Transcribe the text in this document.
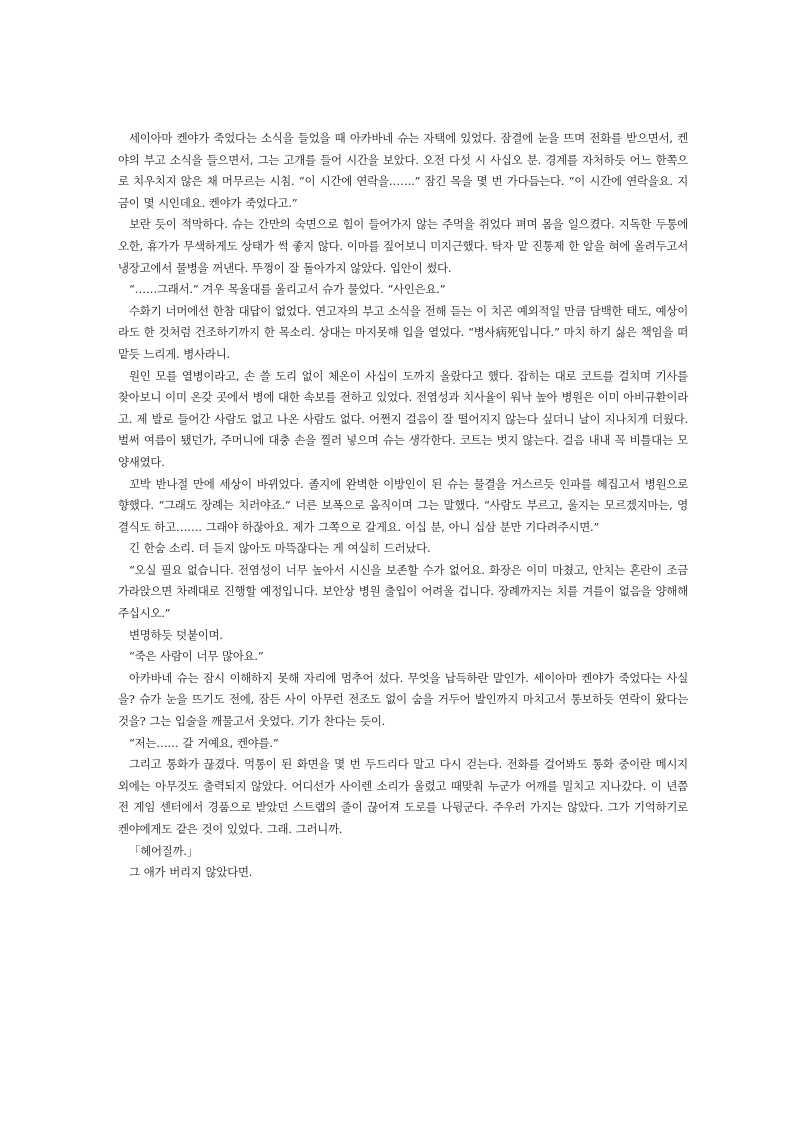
세이아마 켄야가 죽었다는 소식을 들었을 때 아카바네 슈는 자택에 있었다. 잠결에 눈을 뜨며 전화를 받으면서, 켄야의 부고 소식을 들으면서, 그는 고개를 들어 시간을 보았다. 오전 다섯 시 사십오 분. 경계를 자처하듯 어느 한쪽으로 치우치지 않은 채 머무르는 시침. “이 시간에 연락을…….” 잠긴 목을 몇 번 가다듬는다. “이 시간에 연락을요. 지금이 몇 시인데요. 켄야가 죽었다고.”

보란 듯이 적막하다. 슈는 간만의 숙면으로 힘이 들어가지 않는 주먹을 쥐었다 펴며 몸을 일으켰다. 지독한 두통에 오한, 휴가가 무색하게도 상태가 썩 좋지 않다. 이마를 짚어보니 미지근했다. 탁자 맡 진통제 한 알을 혀에 올려두고서 냉장고에서 물병을 꺼낸다. 뚜껑이 잘 돌아가지 않았다. 입안이 썼다.

“……그래서.” 겨우 목울대를 울리고서 슈가 물었다. “사인은요.”

수화기 너머에선 한참 대답이 없었다. 연고자의 부고 소식을 전해 듣는 이 치곤 예외적일 만큼 담백한 태도, 예상이라도 한 것처럼 건조하기까지 한 목소리. 상대는 마지못해 입을 열었다. “병사病死입니다.” 마치 하기 싫은 책임을 떠맡듯 느리게. 병사라니.

원인 모를 열병이라고, 손 쓸 도리 없이 체온이 사십이 도까지 올랐다고 했다. 잡히는 대로 코트를 걸치며 기사를 찾아보니 이미 온갖 곳에서 병에 대한 속보를 전하고 있었다. 전염성과 치사율이 워낙 높아 병원은 이미 아비규환이라고. 제 발로 들어간 사람도 없고 나온 사람도 없다. 어쩐지 걸음이 잘 떨어지지 않는다 싶더니 날이 지나치게 더웠다. 벌써 여름이 됐던가, 주머니에 대충 손을 찔러 넣으며 슈는 생각한다. 코트는 벗지 않는다. 걸음 내내 꼭 비틀대는 모양새였다.

꼬박 반나절 만에 세상이 바뀌었다. 졸지에 완벽한 이방인이 된 슈는 물결을 거스르듯 인파를 헤집고서 병원으로 향했다. “그래도 장례는 치러야죠.” 너른 보폭으로 움직이며 그는 말했다. “사람도 부르고, 울지는 모르겠지마는, 영결식도 하고……. 그래야 하잖아요. 제가 그쪽으로 갈게요. 이십 분, 아니 십삼 분만 기다려주시면.”

긴 한숨 소리. 더 듣지 않아도 마뜩잖다는 게 여실히 드러났다.

“오실 필요 없습니다. 전염성이 너무 높아서 시신을 보존할 수가 없어요. 화장은 이미 마쳤고, 안치는 혼란이 조금 가라앉으면 차례대로 진행할 예정입니다. 보안상 병원 출입이 어려울 겁니다. 장례까지는 치를 겨를이 없음을 양해해주십시오.”

변명하듯 덧붙이며.

“죽은 사람이 너무 많아요.”

아카바네 슈는 잠시 이해하지 못해 자리에 멈추어 섰다. 무엇을 납득하란 말인가. 세이아마 켄야가 죽었다는 사실을? 슈가 눈을 뜨기도 전에, 잠든 사이 아무런 전조도 없이 숨을 거두어 발인까지 마치고서 통보하듯 연락이 왔다는 것을? 그는 입술을 깨물고서 웃었다. 기가 찬다는 듯이.

“저는…… 갈 거예요, 켄야를.”

그리고 통화가 끊겼다. 먹통이 된 화면을 몇 번 두드리다 말고 다시 걷는다. 전화를 걸어봐도 통화 중이란 메시지 외에는 아무것도 출력되지 않았다. 어디선가 사이렌 소리가 울렸고 때맞춰 누군가 어깨를 밀치고 지나갔다. 이 년쯤 전 게임 센터에서 경품으로 받았던 스트랩의 줄이 끊어져 도로를 나뒹군다. 주우러 가지는 않았다. 그가 기억하기로 켄야에게도 같은 것이 있었다. 그래. 그러니까.

「헤어질까.」

그 애가 버리지 않았다면.
